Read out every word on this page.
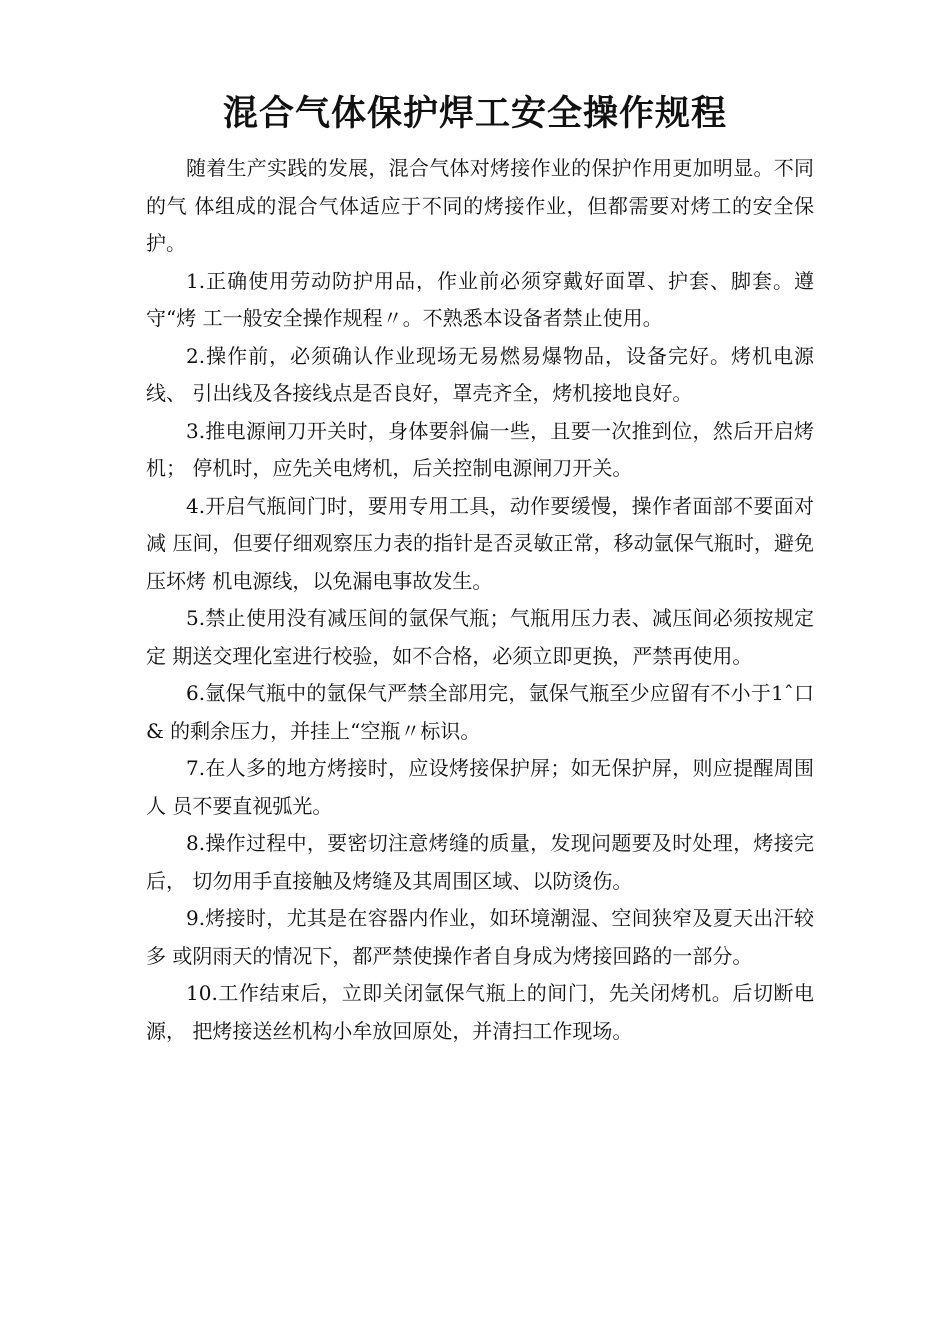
混合气体保护焊工安全操作规程

随着生产实践的发展，混合气体对烤接作业的保护作用更加明显。不同的气 体组成的混合气体适应于不同的烤接作业，但都需要对烤工的安全保护。

1.正确使用劳动防护用品，作业前必须穿戴好面罩、护套、脚套。遵守“烤 工一般安全操作规程〃。不熟悉本设备者禁止使用。

2.操作前，必须确认作业现场无易燃易爆物品，设备完好。烤机电源线、 引出线及各接线点是否良好，罩壳齐全，烤机接地良好。

3.推电源闸刀开关时，身体要斜偏一些，且要一次推到位，然后开启烤机； 停机时，应先关电烤机，后关控制电源闸刀开关。

4.开启气瓶间门时，要用专用工具，动作要缓慢，操作者面部不要面对减 压间，但要仔细观察压力表的指针是否灵敏正常，移动氩保气瓶时，避免压坏烤 机电源线，以免漏电事故发生。

5.禁止使用没有减压间的氩保气瓶；气瓶用压力表、减压间必须按规定定 期送交理化室进行校验，如不合格，必须立即更换，严禁再使用。

6.氩保气瓶中的氩保气严禁全部用完，氩保气瓶至少应留有不小于1ˆ口& 的剩余压力，并挂上“空瓶〃标识。

7.在人多的地方烤接时，应设烤接保护屏；如无保护屏，则应提醒周围人 员不要直视弧光。

8.操作过程中，要密切注意烤缝的质量，发现问题要及时处理，烤接完后， 切勿用手直接触及烤缝及其周围区域、以防烫伤。

9.烤接时，尤其是在容器内作业，如环境潮湿、空间狭窄及夏天出汗较多 或阴雨天的情况下，都严禁使操作者自身成为烤接回路的一部分。

10.工作结束后，立即关闭氩保气瓶上的间门，先关闭烤机。后切断电源， 把烤接送丝机构小牟放回原处，并清扫工作现场。
